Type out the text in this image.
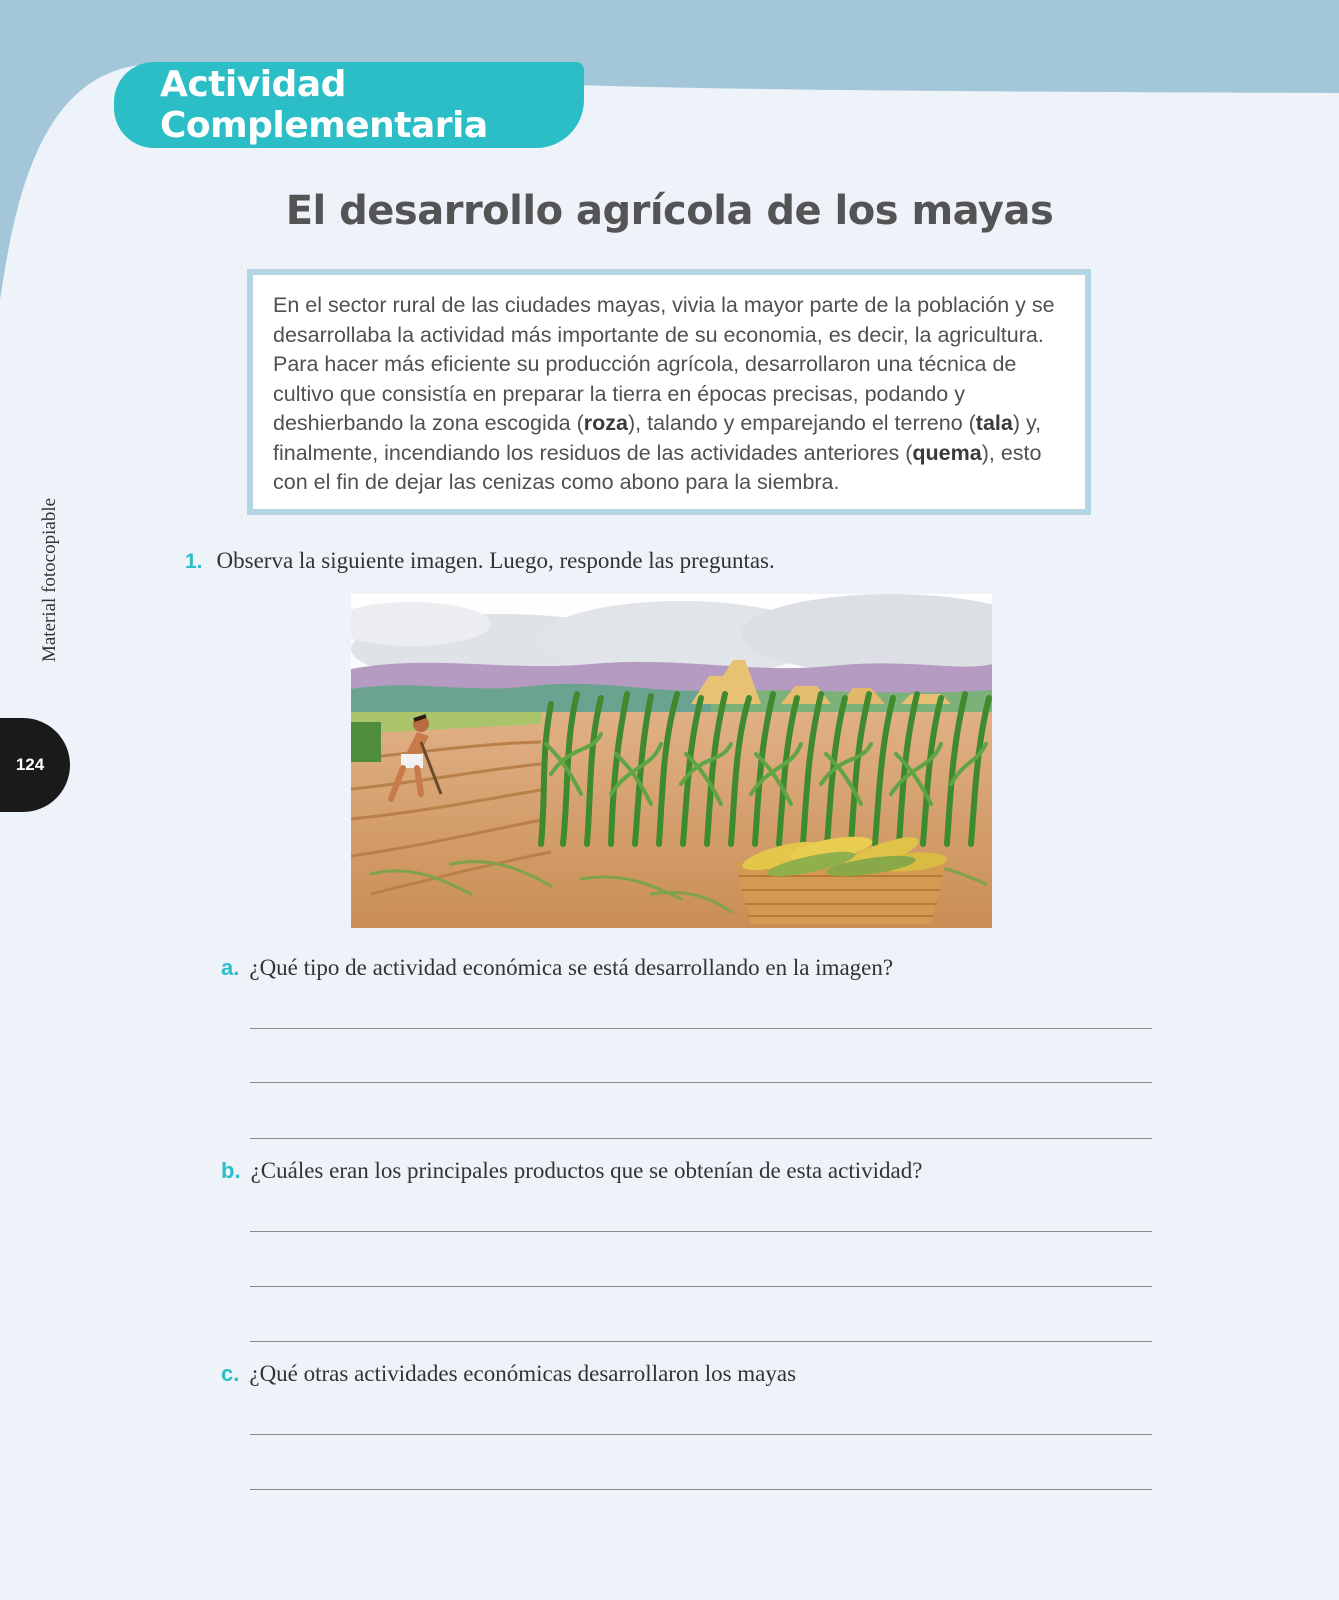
Actividad Complementaria
El desarrollo agrícola de los mayas

En el sector rural de las ciudades mayas, vivia la mayor parte de la población y se desarrollaba la actividad más importante de su economia, es decir, la agricultura. Para hacer más eficiente su producción agrícola, desarrollaron una técnica de cultivo que consistía en preparar la tierra en épocas precisas, podando y deshierbando la zona escogida (roza), talando y emparejando el terreno (tala) y, finalmente, incendiando los residuos de las actividades anteriores (quema), esto con el fin de dejar las cenizas como abono para la siembra.

Material fotocopiable
124
1. Observa la siguiente imagen. Luego, responde las preguntas.
a. ¿Qué tipo de actividad económica se está desarrollando en la imagen?
b. ¿Cuáles eran los principales productos que se obtenían de esta actividad?
c. ¿Qué otras actividades económicas desarrollaron los mayas
